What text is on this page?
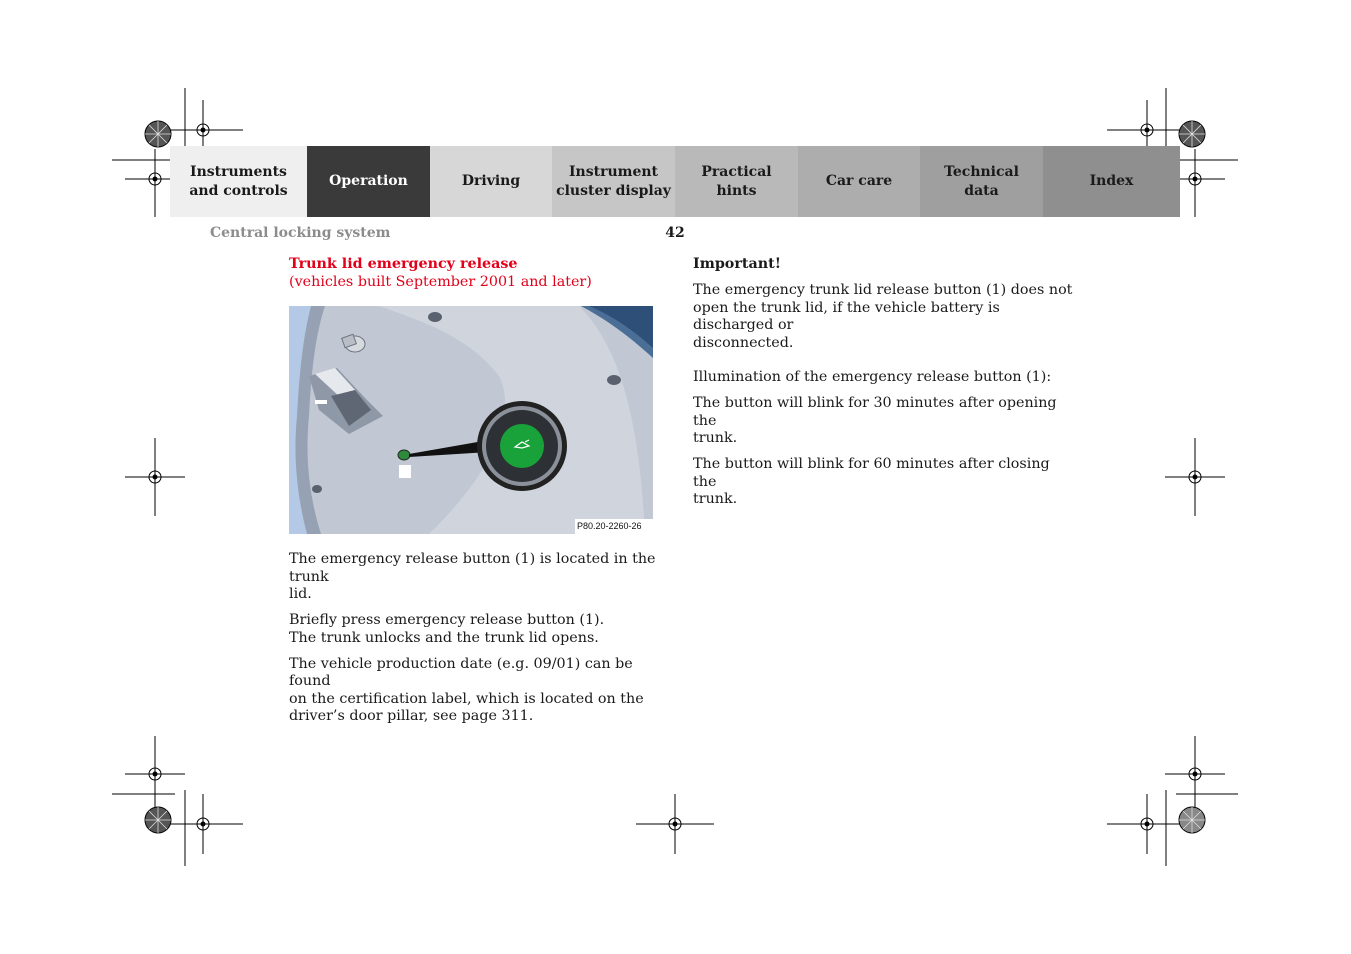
Instruments
and controls
Operation	Driving
Instrument
cluster display
Practical hints
Car care
Technical
data
Index
Central locking system	42

Trunk lid emergency release

(vehicles built September 2001 and later)

P80.20-2260-26

The emergency release button (1) is located in the trunk
lid.

Briefly press emergency release button (1).
The trunk unlocks and the trunk lid opens.

The vehicle production date (e.g. 09/01) can be found
on the certification label, which is located on the
driver’s door pillar, see page 311.

Important!

The emergency trunk lid release button (1) does not
open the trunk lid, if the vehicle battery is discharged or
disconnected.

Illumination of the emergency release button (1):

The button will blink for 30 minutes after opening the
trunk.

The button will blink for 60 minutes after closing the
trunk.
